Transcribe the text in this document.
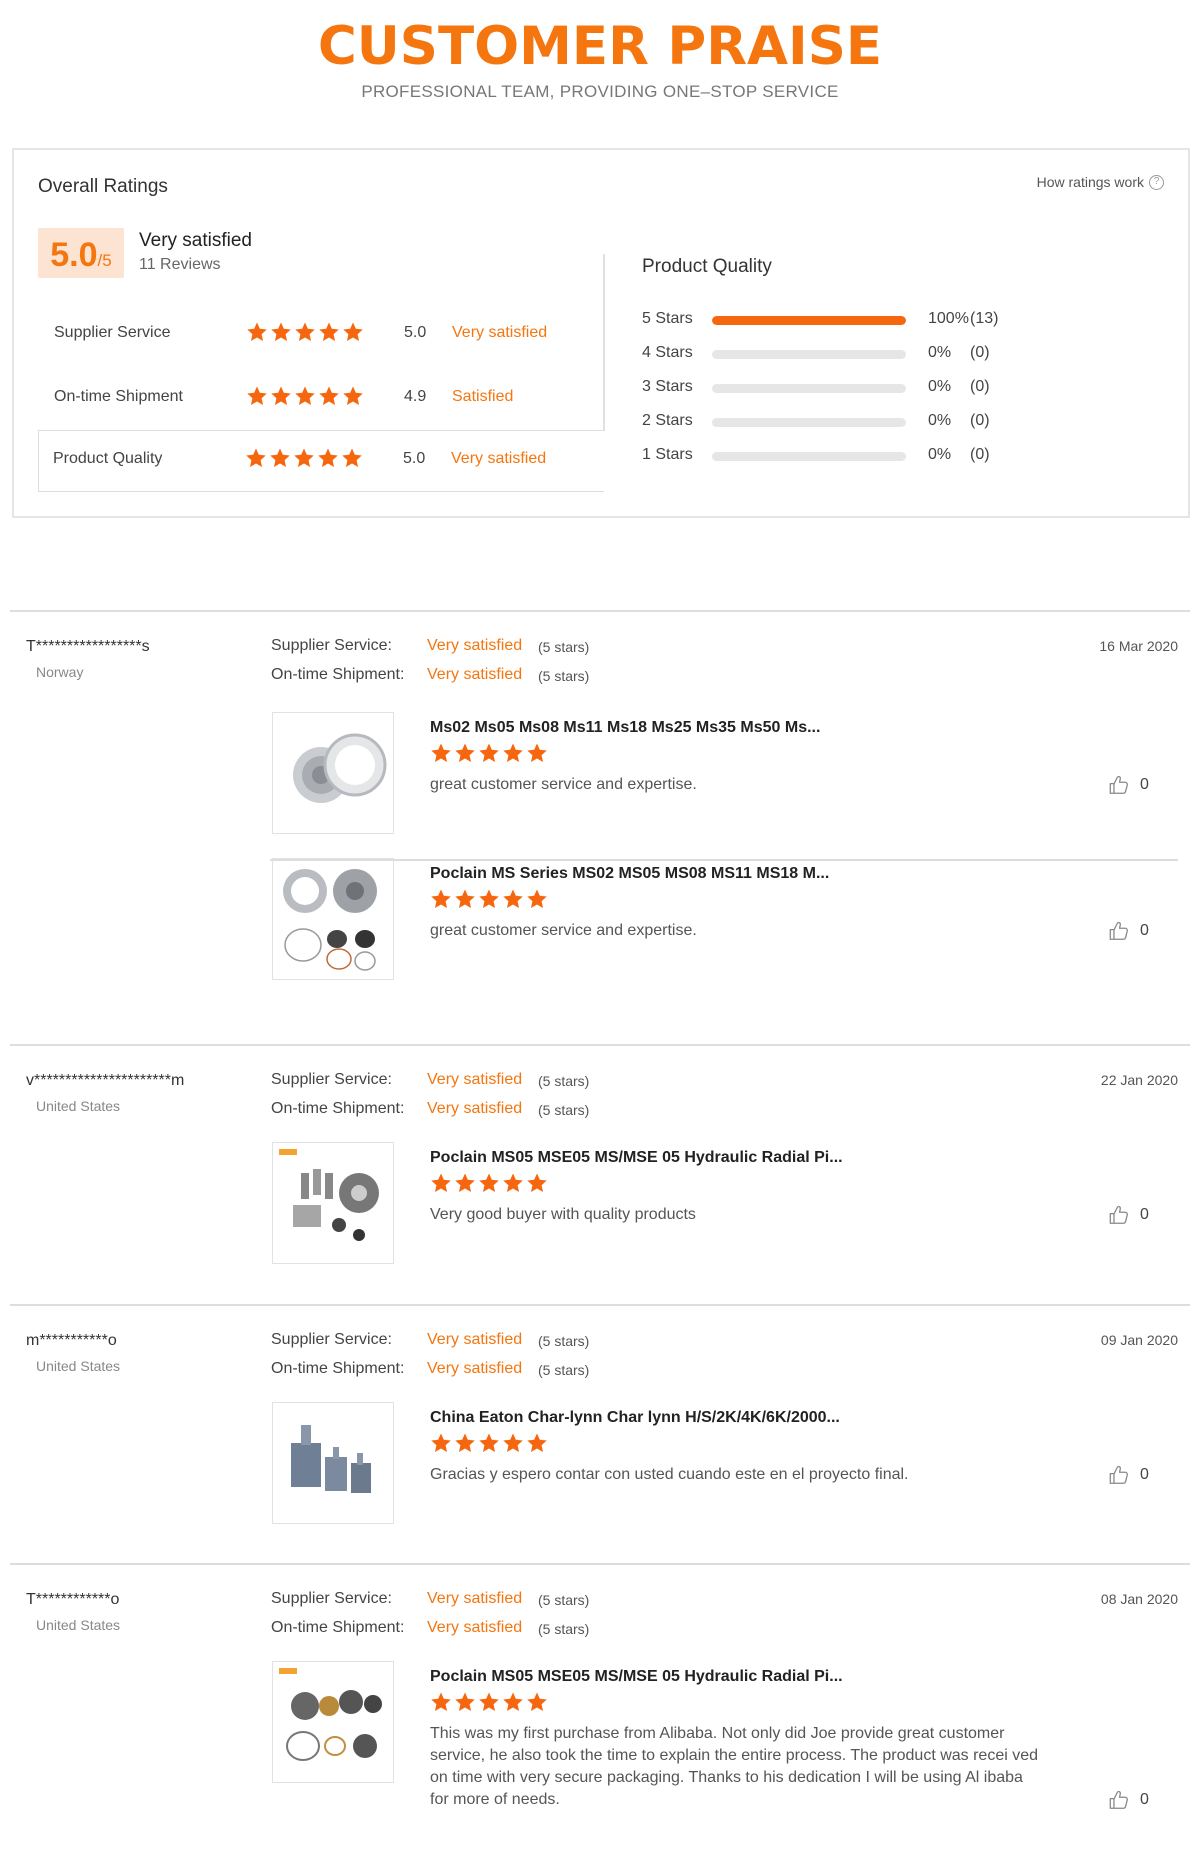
CUSTOMER PRAISE
PROFESSIONAL TEAM, PROVIDING ONE–STOP SERVICE
Overall Ratings	How ratings work ?
5.0 /5
Very satisfied
11 Reviews
Supplier Service	5.0 Very satisfied
On-time Shipment	4.9 Satisfied
Product Quality	5.0 Very satisfied
Product Quality
5 Stars	100% (13)
4 Stars	0% (0)
3 Stars	0% (0)
2 Stars	0% (0)
1 Stars	0% (0)
T*****************s
Norway
16 Mar 2020
Supplier Service: Very satisfied (5 stars)
On-time Shipment: Very satisfied (5 stars)
Ms02 Ms05 Ms08 Ms11 Ms18 Ms25 Ms35 Ms50 Ms...
great customer service and expertise.	0
Poclain MS Series MS02 MS05 MS08 MS11 MS18 M...
great customer service and expertise.	0
v**********************m
United States
22 Jan 2020
Supplier Service: Very satisfied (5 stars)
On-time Shipment: Very satisfied (5 stars)
Poclain MS05 MSE05 MS/MSE 05 Hydraulic Radial Pi...
Very good buyer with quality products	0
m***********o
United States
09 Jan 2020
Supplier Service: Very satisfied (5 stars)
On-time Shipment: Very satisfied (5 stars)
China Eaton Char-lynn Char lynn H/S/2K/4K/6K/2000...
Gracias y espero contar con usted cuando este en el proyecto final.	0
T************o
United States
08 Jan 2020
Supplier Service: Very satisfied (5 stars)
On-time Shipment: Very satisfied (5 stars)
Poclain MS05 MSE05 MS/MSE 05 Hydraulic Radial Pi...
This was my first purchase from Alibaba. Not only did Joe provide great customer service, he also took the time to explain the entire process. The product was recei ved on time with very secure packaging. Thanks to his dedication I will be using Al ibaba for more of needs.	0
